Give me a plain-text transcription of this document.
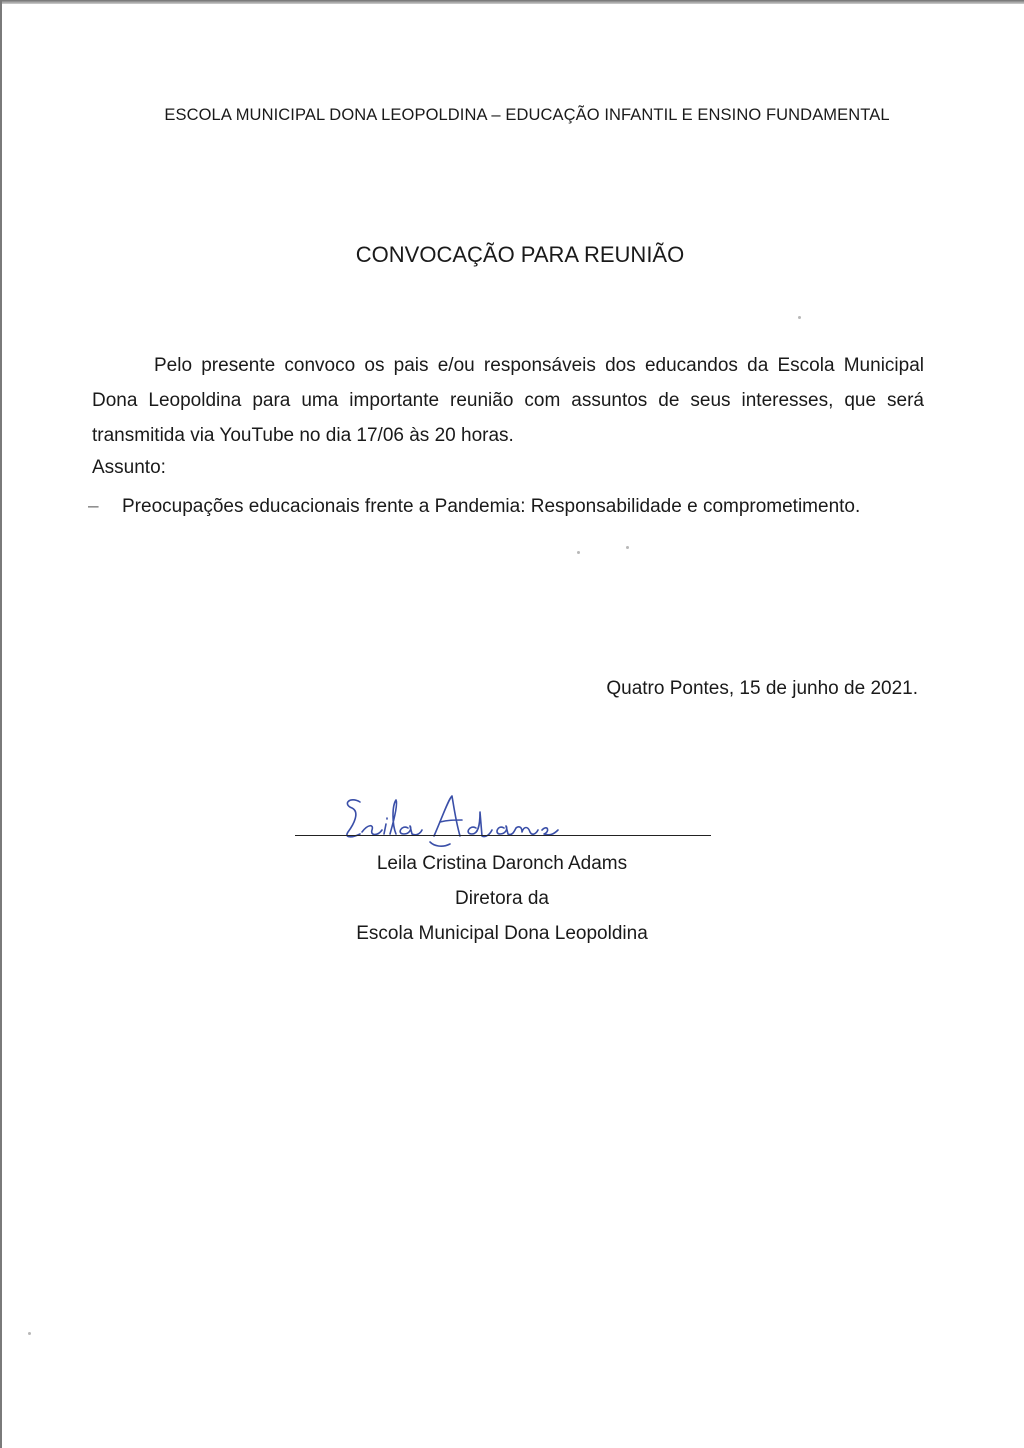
ESCOLA MUNICIPAL DONA LEOPOLDINA – EDUCAÇÃO INFANTIL E ENSINO FUNDAMENTAL
CONVOCAÇÃO PARA REUNIÃO

Pelo presente convoco os pais e/ou responsáveis dos educandos da Escola Municipal Dona Leopoldina para uma importante reunião com assuntos de seus interesses, que será transmitida via YouTube no dia 17/06 às 20 horas.

Assunto:
–	Preocupações educacionais frente a Pandemia: Responsabilidade e comprometimento.
Quatro Pontes, 15 de junho de 2021.
Leila Cristina Daronch Adams
Diretora da
Escola Municipal Dona Leopoldina
